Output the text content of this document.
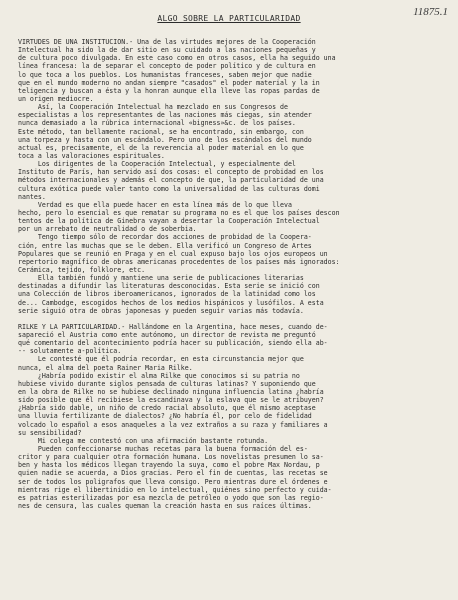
11875.1
ALGO SOBRE LA PARTICULARIDAD
VIRTUDES DE UNA INSTITUCION.- Una de las virtudes mejores de la Cooperación
Intelectual ha sido la de dar sitio en su cuidado a las naciones pequeñas y
de cultura poco divulgada. En este caso como en otros casos, ella ha seguido una
línea francesa: la de separar el concepto de poder político y de cultura en
lo que toca a los pueblos. Los humanistas franceses, saben mejor que nadie
que en el mundo moderno no andan siempre "casados" el poder material y la in
teligencia y buscan a ésta y la honran aunque ella lleve las ropas pardas de
un origen mediocre.
Así, la Cooperación Intelectual ha mezclado en sus Congresos de
especialistas a los representantes de las naciones más ciegas, sin atender
nunca demasiado a la rúbrica internacional «bigness»&c. de los países.
Este método, tan bellamente racional, se ha encontrado, sin embargo, con
una torpeza y hasta con un escándalo. Pero uno de los escándalos del mundo
actual es, precisamente, el de la reverencia al poder material en lo que
toca a las valoraciones espirituales.
Los dirigentes de la Cooperación Intelectual, y especialmente del
Instituto de París, han servido así dos cosas: el concepto de probidad en los
métodos internacionales y además el concepto de que, la particularidad de una
cultura exótica puede valer tanto como la universalidad de las culturas domi
nantes.
Verdad es que ella puede hacer en esta línea más de lo que lleva
hecho, pero lo esencial es que rematar su programa no es el que los países descon
tentos de la política de Ginebra vayan a desertar la Cooperación Intelectual
por un arrebato de neutralidad o de soberbia.
Tengo tiempo sólo de recordar dos acciones de probidad de la Coopera-
ción, entre las muchas que se le deben. Ella verificó un Congreso de Artes
Populares que se reunió en Praga y en el cual expuso bajo los ojos europeos un
repertorio magnífico de obras americanas procedentes de los países más ignorados:
Cerámica, tejido, folklore, etc.
Ella también fundó y mantiene una serie de publicaciones literarias
destinadas a difundir las literaturas desconocidas. Esta serie se inició con
una Colección de libros iberoamericanos, ignorados de la latinidad como los
de... Cambodge, escogidos hechos de los medios hispánicos y lusófilos. A esta
serie siguió otra de obras japonesas y pueden seguir varias más todavía.
RILKE Y LA PARTICULARIDAD.- Hallándome en la Argentina, hace meses, cuando de-
sapareció el Austria como ente autónomo, un director de revista me preguntó
qué comentario del acontecimiento podría hacer su publicación, siendo ella ab-
-- solutamente a-política.
Le contesté que él podría recordar, en esta circunstancia mejor que
nunca, el alma del poeta Rainer Maria Rilke.
¿Habría podido existir el alma Rilke que conocimos si su patria no
hubiese vivido durante siglos pensada de culturas latinas? Y suponiendo que
en la obra de Rilke no se hubiese declinado ninguna influencia latina ¿habría
sido posible que él recibiese la escandinava y la eslava que se le atribuyen?
¿Habría sido dable, un niño de credo racial absoluto, que él mismo aceptase
una lluvia fertilizante de dialectos? ¿No habría él, por celo de fidelidad
volcado lo español a esos anaqueles a la vez extraños a su raza y familiares a
su sensibilidad?
Mi colega me contestó con una afirmación bastante rotunda.
Pueden confeccionarse muchas recetas para la buena formación del es-
critor y para cualquier otra formación humana. Los novelistas presumen lo sa-
ben y hasta los médicos llegan trayendo la suya, como el pobre Max Nordau, p
quien nadie se acuerda, a Dios gracias. Pero el fin de cuentas, las recetas se
ser de todos los poligrafos que lleva consigo. Pero mientras dure el órdenes e
mientras rige el libertinidio en lo intelectual, quiénes sino perfecto y cuida-
es patrias esterilizadas por esa mezcla de petróleo o yodo que son las regio-
nes de censura, las cuales queman la creación hasta en sus raíces últimas.
